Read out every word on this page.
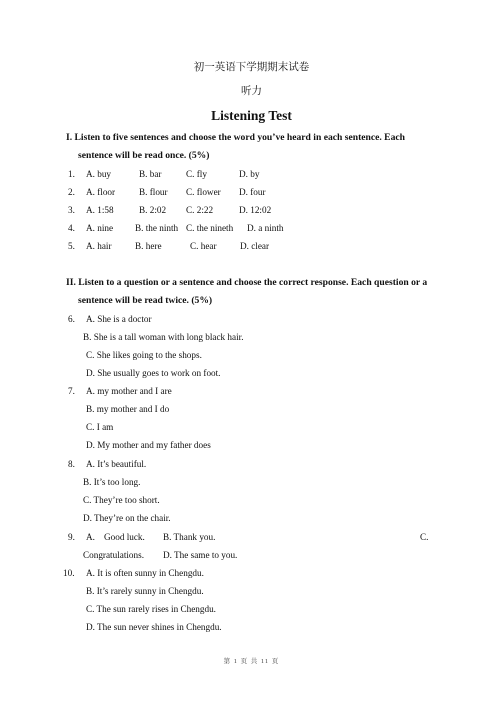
初一英语下学期期末试卷
听力
Listening Test
I. Listen to five sentences and choose the word you’ve heard in each sentence. Each
sentence will be read once. (5%)
1. A. buy	B. bar	C. fly	D. by
2. A. floor	B. flour C. flower D. four
3. A. 1:58	B. 2:02 C. 2:22	D. 12:02
4. A. nine B. the ninth C. the nineth D. a ninth
5. A. hair	B. here	C. hear	D. clear
II. Listen to a question or a sentence and choose the correct response. Each question or a
sentence will be read twice. (5%)
6. A. She is a doctor
B. She is a tall woman with long black hair.
C. She likes going to the shops.
D. She usually goes to work on foot.
7. A. my mother and I are
B. my mother and I do
C. I am
D. My mother and my father does
8. A. It’s beautiful.
B. It’s too long.
C. They’re too short.
D. They’re on the chair.
9. A. Good luck. B. Thank you.	C.
Congratulations. D. The same to you.
10. A. It is often sunny in Chengdu.
B. It’s rarely sunny in Chengdu.
C. The sun rarely rises in Chengdu.
D. The sun never shines in Chengdu.
第 1 页 共 11 页
